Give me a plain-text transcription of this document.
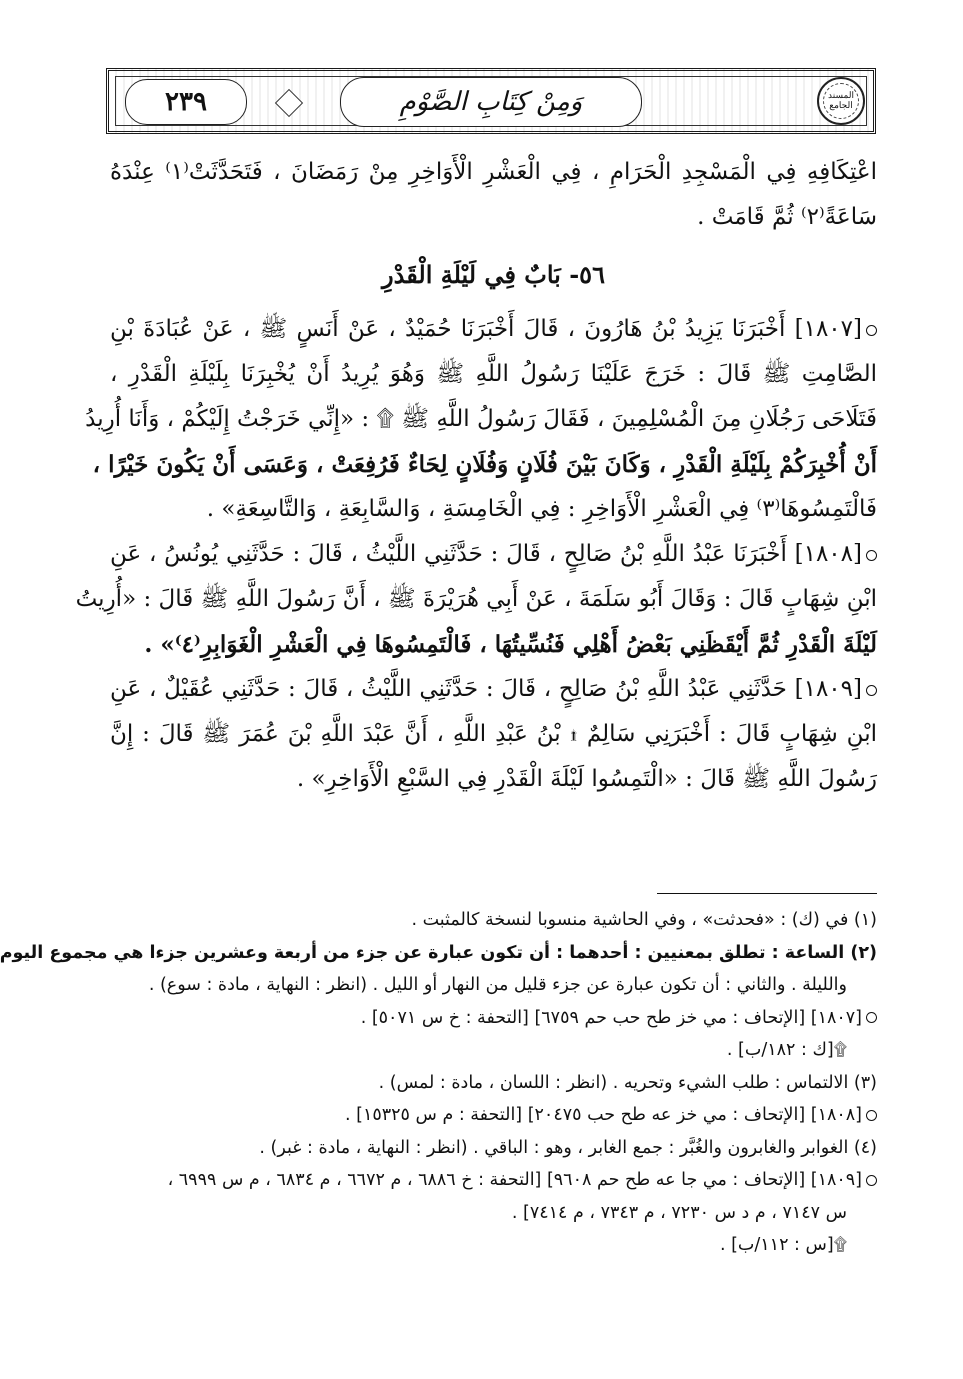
المسند الجامع
وَمِنْ كِتَابِ الصَّوْمِ
٢٣٩

اعْتِكَافِهِ فِي الْمَسْجِدِ الْحَرَامِ ، فِي الْعَشْرِ الْأَوَاخِرِ مِنْ رَمَضَانَ ، فَتَحَدَّثَتْ⁽١⁾ عِنْدَهُ
سَاعَةً⁽٢⁾ ثُمَّ قَامَتْ .

٥٦- بَابٌ فِي لَيْلَةِ الْقَدْرِ

[١٨٠٧] أَخْبَرَنَا يَزِيدُ بْنُ هَارُونَ ، قَالَ أَخْبَرَنَا حُمَيْدٌ ، عَنْ أَنَسٍ ﷺ ، عَنْ عُبَادَةَ بْنِ
الصَّامِتِ ﷺ قَالَ : خَرَجَ عَلَيْنَا رَسُولُ اللَّهِ ﷺ وَهُوَ يُرِيدُ أَنْ يُخْبِرَنَا بِلَيْلَةِ الْقَدْرِ ،
فَتَلَاحَى رَجُلَانِ مِنَ الْمُسْلِمِينَ ، فَقَالَ رَسُولُ اللَّهِ ﷺ ۩ : «إِنِّي خَرَجْتُ إِلَيْكُمْ ، وَأَنَا أُرِيدُ
أَنْ أُخْبِرَكُمْ بِلَيْلَةِ الْقَدْرِ ، وَكَانَ بَيْنَ فُلَانٍ وَفُلَانٍ لِحَاءٌ فَرُفِعَتْ ، وَعَسَى أَنْ يَكُونَ خَيْرًا ،
فَالْتَمِسُوهَا⁽٣⁾ فِي الْعَشْرِ الْأَوَاخِرِ : فِي الْخَامِسَةِ ، وَالسَّابِعَةِ ، وَالتَّاسِعَةِ» .

[١٨٠٨] أَخْبَرَنَا عَبْدُ اللَّهِ بْنُ صَالِحٍ ، قَالَ : حَدَّثَنِي اللَّيْثُ ، قَالَ : حَدَّثَنِي يُونُسُ ، عَنِ
ابْنِ شِهَابٍ قَالَ : وَقَالَ أَبُو سَلَمَةَ ، عَنْ أَبِي هُرَيْرَةَ ﷺ ، أَنَّ رَسُولَ اللَّهِ ﷺ قَالَ : «أُرِيتُ
لَيْلَةَ الْقَدْرِ ثُمَّ أَيْقَظَنِي بَعْضُ أَهْلِي فَنُسِّيتُهَا ، فَالْتَمِسُوهَا فِي الْعَشْرِ الْغَوَابِرِ⁽٤⁾» .

[١٨٠٩] حَدَّثَنِي عَبْدُ اللَّهِ بْنُ صَالِحٍ ، قَالَ : حَدَّثَنِي اللَّيْثُ ، قَالَ : حَدَّثَنِي عُقَيْلٌ ، عَنِ
ابْنِ شِهَابٍ قَالَ : أَخْبَرَنِي سَالِمٌ ۩ بْنُ عَبْدِ اللَّهِ ، أَنَّ عَبْدَ اللَّهِ بْنَ عُمَرَ ﷺ قَالَ : إِنَّ
رَسُولَ اللَّهِ ﷺ قَالَ : «الْتَمِسُوا لَيْلَةَ الْقَدْرِ فِي السَّبْعِ الْأَوَاخِرِ» .

(١) في (ك) : «فحدثت» ، وفي الحاشية منسوبا لنسخة كالمثبت .
(٢) الساعة : تطلق بمعنيين : أحدهما : أن تكون عبارة عن جزء من أربعة وعشرين جزءا هي مجموع اليوم
والليلة . والثاني : أن تكون عبارة عن جزء قليل من النهار أو الليل . (انظر : النهاية ، مادة : سوع) .
[١٨٠٧] [الإتحاف : مي خز طح حب حم ٦٧٥٩] [التحفة : خ س ٥٠٧١] .
۩[ك : ١٨٢/ب] .
(٣) الالتماس : طلب الشيء وتحريه . (انظر : اللسان ، مادة : لمس) .
[١٨٠٨] [الإتحاف : مي خز عه طح حب ٢٠٤٧٥] [التحفة : م س ١٥٣٢٥] .
(٤) الغوابر والغابرون والغُبَّر : جمع الغابر ، وهو : الباقي . (انظر : النهاية ، مادة : غبر) .
[١٨٠٩] [الإتحاف : مي جا عه طح حم ٩٦٠٨] [التحفة : خ ٦٨٨٦ ، م ٦٦٧٢ ، م ٦٨٣٤ ، م س ٦٩٩٩ ،
س ٧١٤٧ ، م د س ٧٢٣٠ ، م ٧٣٤٣ ، م ٧٤١٤] .
۩[س : ١١٢/ب] .
